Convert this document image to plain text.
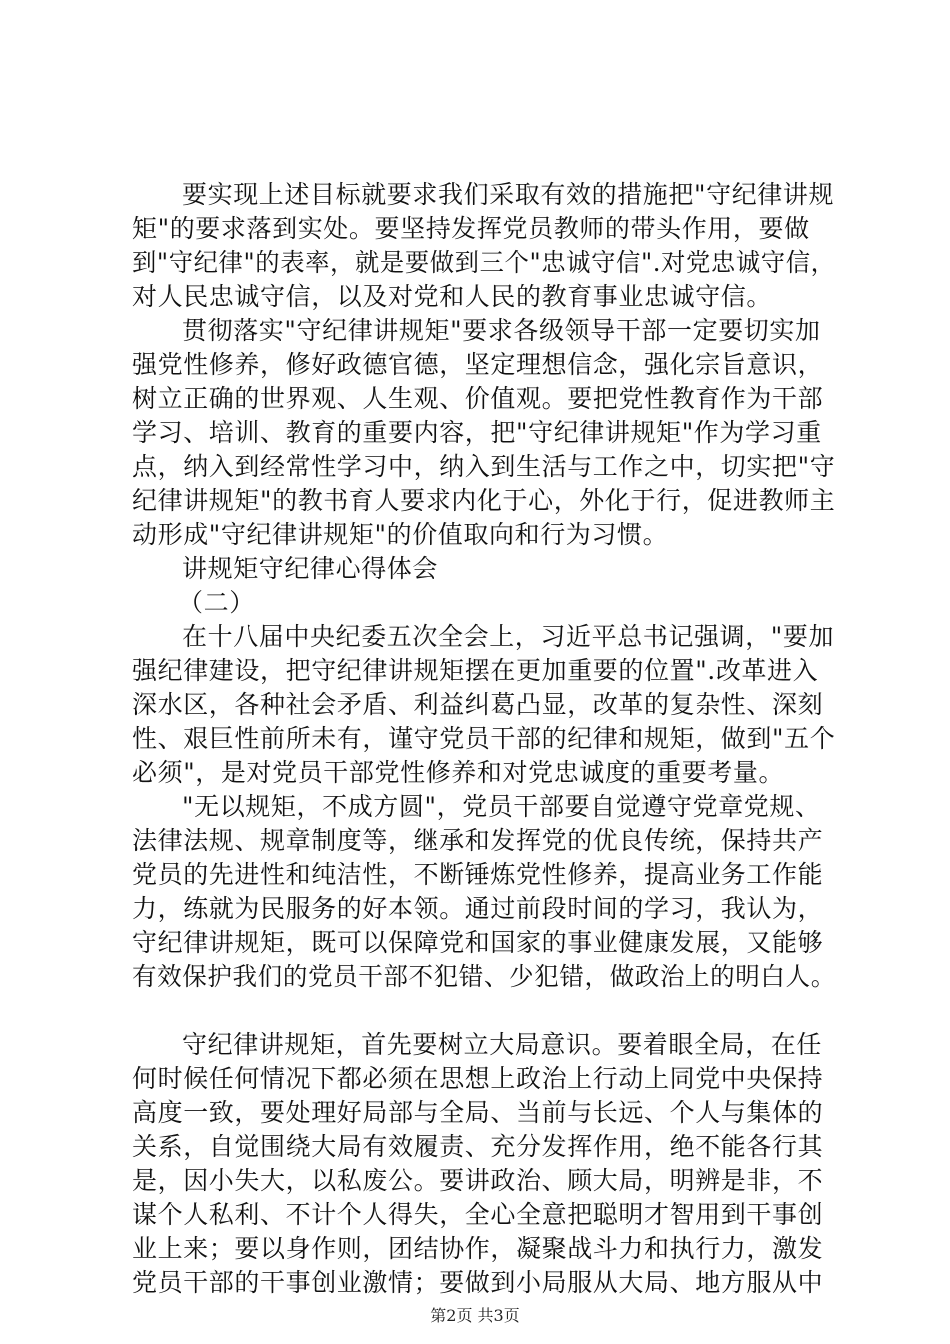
要实现上述目标就要求我们采取有效的措施把"守纪律讲规
矩"的要求落到实处。要坚持发挥党员教师的带头作用，要做
到"守纪律"的表率，就是要做到三个"忠诚守信".对党忠诚守信，
对人民忠诚守信，以及对党和人民的教育事业忠诚守信。
贯彻落实"守纪律讲规矩"要求各级领导干部一定要切实加
强党性修养，修好政德官德，坚定理想信念，强化宗旨意识，
树立正确的世界观、人生观、价值观。要把党性教育作为干部
学习、培训、教育的重要内容，把"守纪律讲规矩"作为学习重
点，纳入到经常性学习中，纳入到生活与工作之中，切实把"守
纪律讲规矩"的教书育人要求内化于心，外化于行，促进教师主
动形成"守纪律讲规矩"的价值取向和行为习惯。
讲规矩守纪律心得体会
（二）
在十八届中央纪委五次全会上，习近平总书记强调，"要加
强纪律建设，把守纪律讲规矩摆在更加重要的位置".改革进入
深水区，各种社会矛盾、利益纠葛凸显，改革的复杂性、深刻
性、艰巨性前所未有，谨守党员干部的纪律和规矩，做到"五个
必须"，是对党员干部党性修养和对党忠诚度的重要考量。
"无以规矩，不成方圆"，党员干部要自觉遵守党章党规、
法律法规、规章制度等，继承和发挥党的优良传统，保持共产
党员的先进性和纯洁性，不断锤炼党性修养，提高业务工作能
力，练就为民服务的好本领。通过前段时间的学习，我认为，
守纪律讲规矩，既可以保障党和国家的事业健康发展，又能够
有效保护我们的党员干部不犯错、少犯错，做政治上的明白人。
守纪律讲规矩，首先要树立大局意识。要着眼全局，在任
何时候任何情况下都必须在思想上政治上行动上同党中央保持
高度一致，要处理好局部与全局、当前与长远、个人与集体的
关系，自觉围绕大局有效履责、充分发挥作用，绝不能各行其
是，因小失大，以私废公。要讲政治、顾大局，明辨是非，不
谋个人私利、不计个人得失，全心全意把聪明才智用到干事创
业上来；要以身作则，团结协作，凝聚战斗力和执行力，激发
党员干部的干事创业激情；要做到小局服从大局、地方服从中
第2页 共3页
